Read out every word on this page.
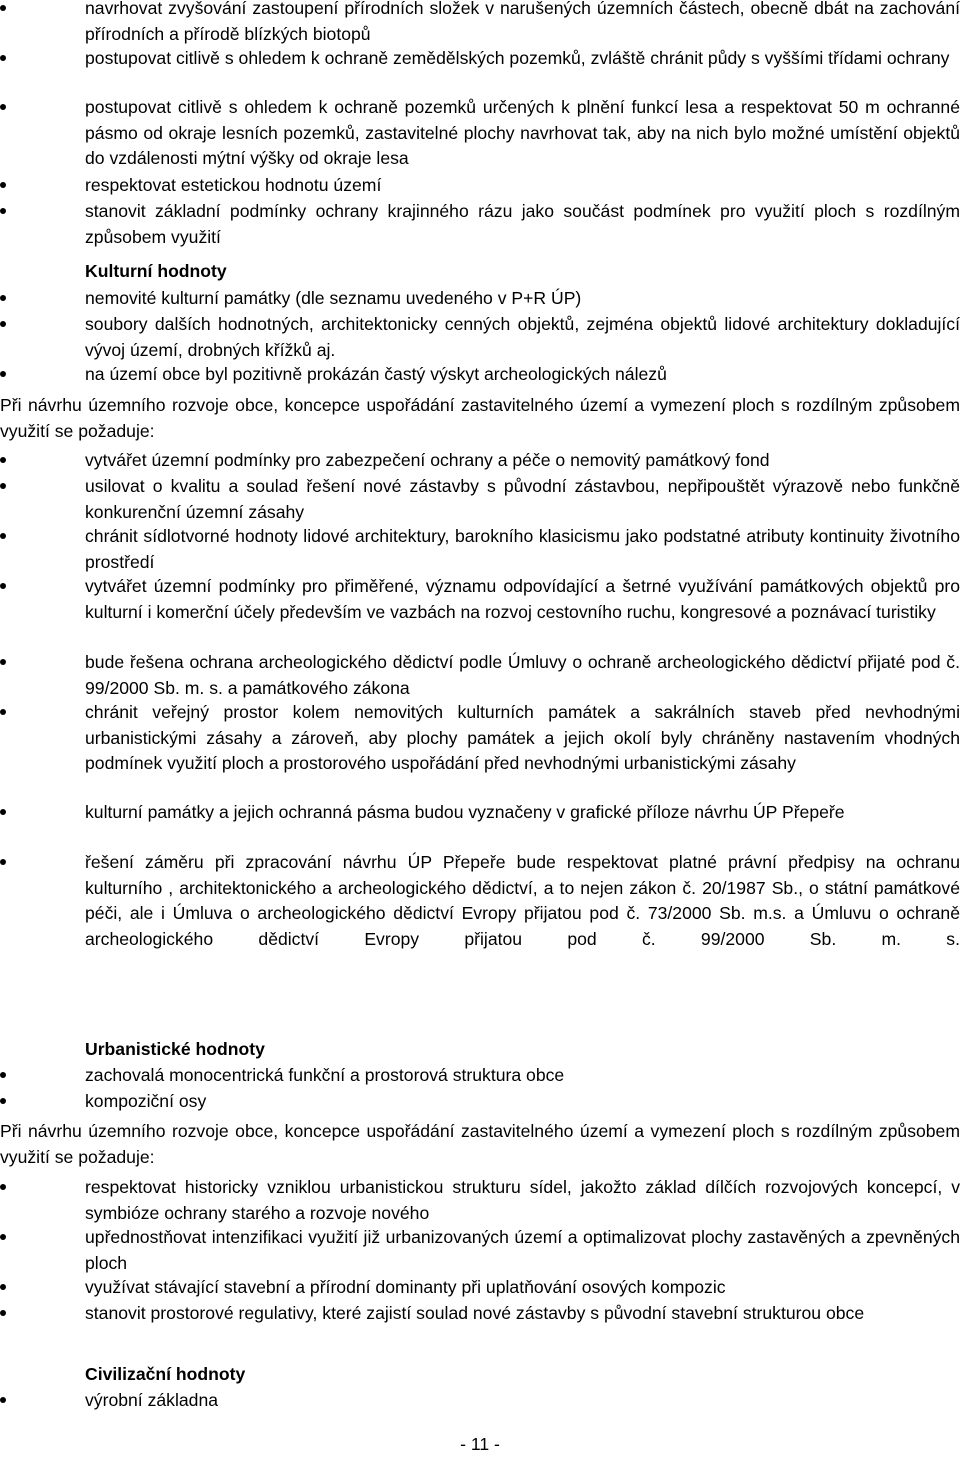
navrhovat zvyšování zastoupení přírodních složek v narušených územních částech, obecně dbát na zachování přírodních a přírodě blízkých biotopů
postupovat citlivě s ohledem k ochraně zemědělských pozemků, zvláště chránit půdy s vyššími třídami ochrany
postupovat citlivě s ohledem k ochraně pozemků určených k plnění funkcí lesa a respektovat 50 m ochranné pásmo od okraje lesních pozemků, zastavitelné plochy navrhovat tak, aby na nich bylo možné umístění objektů do vzdálenosti mýtní výšky od okraje lesa
respektovat estetickou hodnotu území
stanovit základní podmínky ochrany krajinného rázu jako součást podmínek pro využití ploch s rozdílným způsobem využití
Kulturní hodnoty
nemovité kulturní památky (dle seznamu uvedeného v P+R ÚP)
soubory dalších hodnotných, architektonicky cenných objektů, zejména objektů lidové architektury dokladující vývoj území, drobných křížků aj.
na území obce byl pozitivně prokázán častý výskyt archeologických nálezů
Při návrhu územního rozvoje obce, koncepce uspořádání zastavitelného území a vymezení ploch s rozdílným způsobem využití se požaduje:
vytvářet územní podmínky pro zabezpečení ochrany a péče o nemovitý památkový fond
usilovat o kvalitu a soulad řešení nové zástavby s původní zástavbou, nepřipouštět výrazově nebo funkčně konkurenční územní zásahy
chránit sídlotvorné hodnoty lidové architektury, barokního klasicismu jako podstatné atributy kontinuity životního prostředí
vytvářet územní podmínky pro přiměřené, významu odpovídající a šetrné využívání památkových objektů pro kulturní i komerční účely především ve vazbách na rozvoj cestovního ruchu, kongresové a poznávací turistiky
bude řešena ochrana archeologického dědictví podle Úmluvy o ochraně archeologického dědictví přijaté pod č. 99/2000 Sb. m. s. a památkového zákona
chránit veřejný prostor kolem nemovitých kulturních památek a sakrálních staveb před nevhodnými urbanistickými zásahy a zároveň, aby plochy památek a jejich okolí byly chráněny nastavením vhodných podmínek využití ploch a prostorového uspořádání před nevhodnými urbanistickými zásahy
kulturní památky a jejich ochranná pásma budou vyznačeny v grafické příloze návrhu ÚP Přepeře
řešení záměru při zpracování návrhu ÚP Přepeře bude respektovat platné právní předpisy na ochranu kulturního , architektonického a archeologického dědictví, a to nejen zákon č. 20/1987 Sb., o státní památkové péči, ale i Úmluva o archeologického dědictví Evropy přijatou pod č. 73/2000 Sb. m.s. a Úmluvu o ochraně archeologického dědictví Evropy přijatou pod č. 99/2000 Sb. m. s.
Urbanistické hodnoty
zachovalá monocentrická funkční a prostorová struktura obce
kompoziční osy
Při návrhu územního rozvoje obce, koncepce uspořádání zastavitelného území a vymezení ploch s rozdílným způsobem využití se požaduje:
respektovat historicky vzniklou urbanistickou strukturu sídel, jakožto základ dílčích rozvojových koncepcí, v symbióze ochrany starého a rozvoje nového
upřednostňovat intenzifikaci využití již urbanizovaných území a optimalizovat plochy zastavěných a zpevněných ploch
využívat stávající stavební a přírodní dominanty při uplatňování osových kompozic
stanovit prostorové regulativy, které zajistí soulad nové zástavby s původní stavební strukturou obce
Civilizační hodnoty
výrobní základna
- 11 -
